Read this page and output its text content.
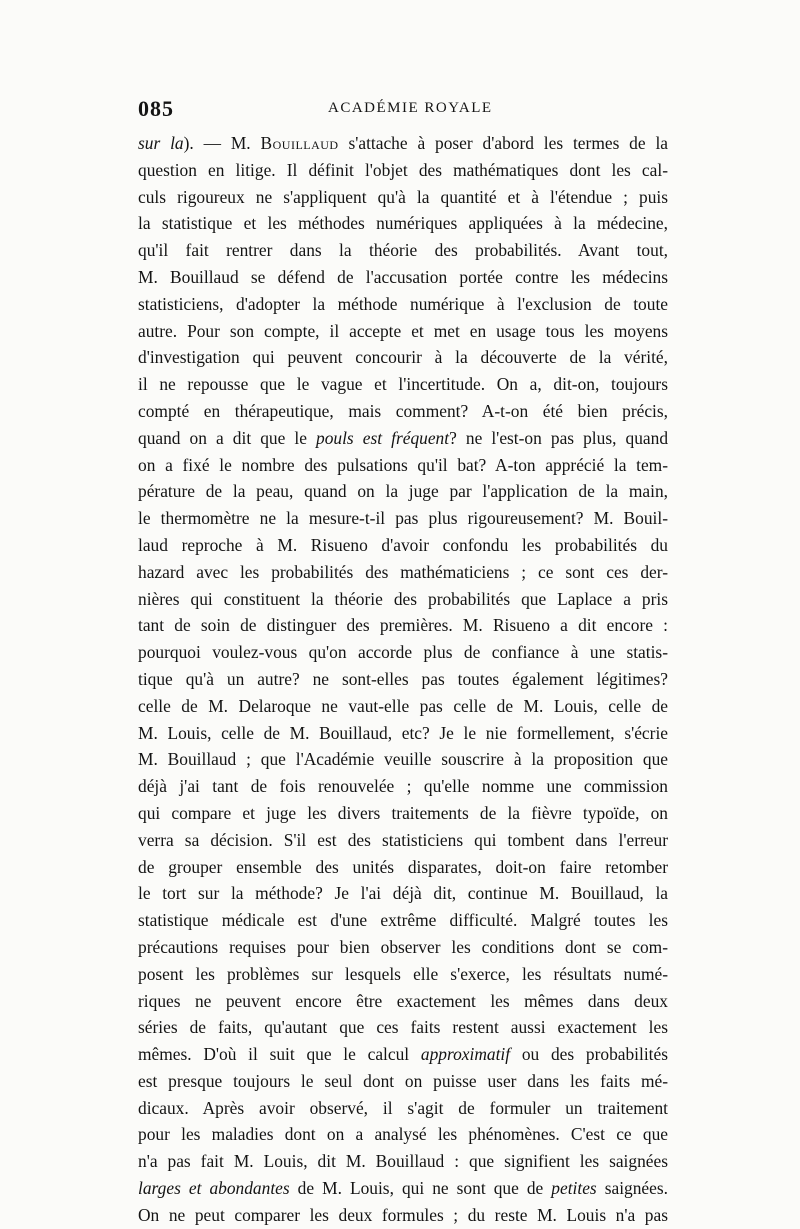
085	ACADÉMIE ROYALE
sur la). — M. Bouillaud s'attache à poser d'abord les termes de la
question en litige. Il définit l'objet des mathématiques dont les cal-
culs rigoureux ne s'appliquent qu'à la quantité et à l'étendue ; puis
la statistique et les méthodes numériques appliquées à la médecine,
qu'il fait rentrer dans la théorie des probabilités. Avant tout,
M. Bouillaud se défend de l'accusation portée contre les médecins
statisticiens, d'adopter la méthode numérique à l'exclusion de toute
autre. Pour son compte, il accepte et met en usage tous les moyens
d'investigation qui peuvent concourir à la découverte de la vérité,
il ne repousse que le vague et l'incertitude. On a, dit-on, toujours
compté en thérapeutique, mais comment? A-t-on été bien précis,
quand on a dit que le pouls est fréquent? ne l'est-on pas plus, quand
on a fixé le nombre des pulsations qu'il bat? A-ton apprécié la tem-
pérature de la peau, quand on la juge par l'application de la main,
le thermomètre ne la mesure-t-il pas plus rigoureusement? M. Bouil-
laud reproche à M. Risueno d'avoir confondu les probabilités du
hazard avec les probabilités des mathématiciens ; ce sont ces der-
nières qui constituent la théorie des probabilités que Laplace a pris
tant de soin de distinguer des premières. M. Risueno a dit encore :
pourquoi voulez-vous qu'on accorde plus de confiance à une statis-
tique qu'à un autre? ne sont-elles pas toutes également légitimes?
celle de M. Delaroque ne vaut-elle pas celle de M. Louis, celle de
M. Louis, celle de M. Bouillaud, etc? Je le nie formellement, s'écrie
M. Bouillaud ; que l'Académie veuille souscrire à la proposition que
déjà j'ai tant de fois renouvelée ; qu'elle nomme une commission
qui compare et juge les divers traitements de la fièvre typoïde, on
verra sa décision. S'il est des statisticiens qui tombent dans l'erreur
de grouper ensemble des unités disparates, doit-on faire retomber
le tort sur la méthode? Je l'ai déjà dit, continue M. Bouillaud, la
statistique médicale est d'une extrême difficulté. Malgré toutes les
précautions requises pour bien observer les conditions dont se com-
posent les problèmes sur lesquels elle s'exerce, les résultats numé-
riques ne peuvent encore être exactement les mêmes dans deux
séries de faits, qu'autant que ces faits restent aussi exactement les
mêmes. D'où il suit que le calcul approximatif ou des probabilités
est presque toujours le seul dont on puisse user dans les faits mé-
dicaux. Après avoir observé, il s'agit de formuler un traitement
pour les maladies dont on a analysé les phénomènes. C'est ce que
n'a pas fait M. Louis, dit M. Bouillaud : que signifient les saignées
larges et abondantes de M. Louis, qui ne sont que de petites saignées.
On ne peut comparer les deux formules ; du reste M. Louis n'a pas
